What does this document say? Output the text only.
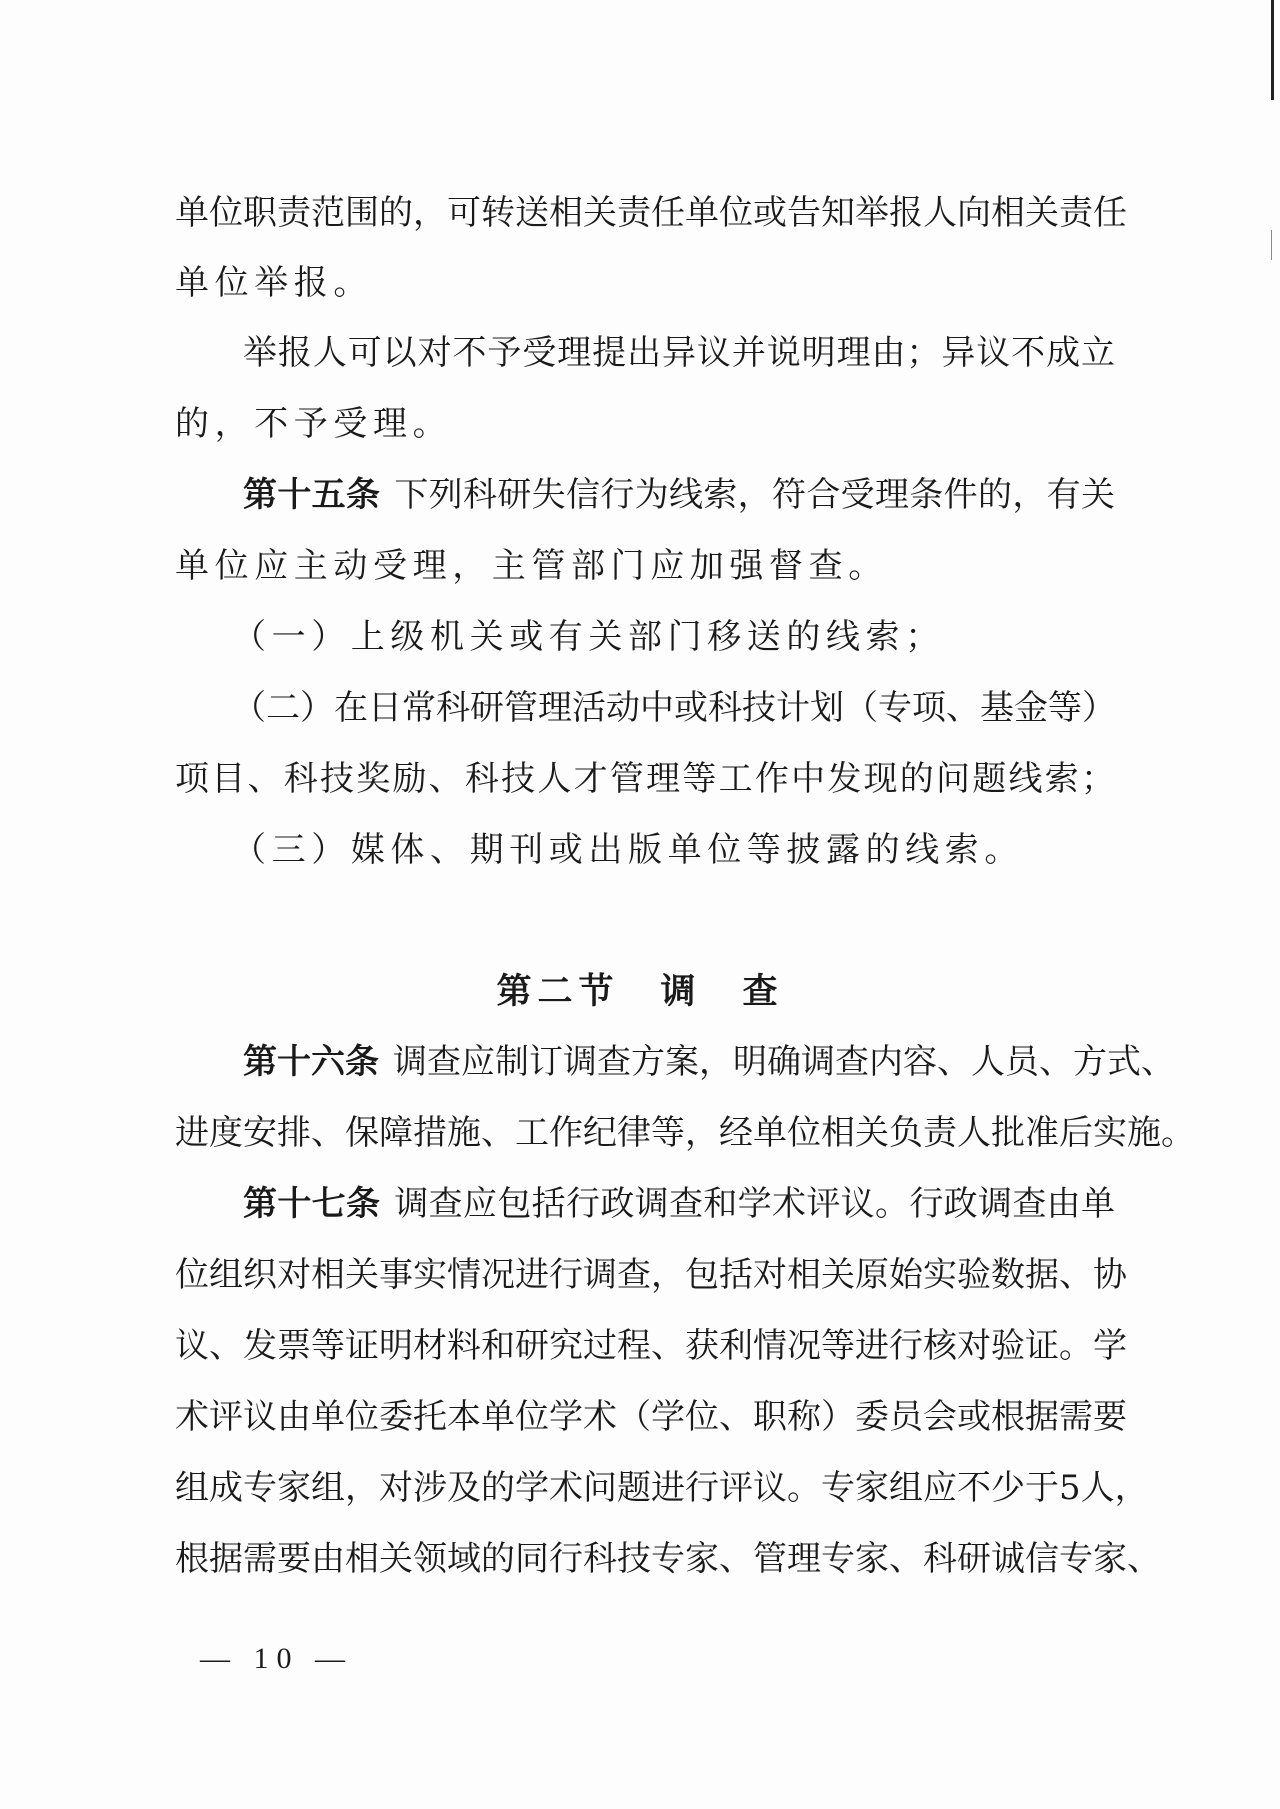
单位职责范围的，可转送相关责任单位或告知举报人向相关责任

单位举报。

举报人可以对不予受理提出异议并说明理由；异议不成立

的，不予受理。

第十五条 下列科研失信行为线索，符合受理条件的，有关

单位应主动受理，主管部门应加强督查。

（一）上级机关或有关部门移送的线索；

（二）在日常科研管理活动中或科技计划（专项、基金等）

项目、科技奖励、科技人才管理等工作中发现的问题线索；

（三）媒体、期刊或出版单位等披露的线索。

第二节　调　查

第十六条 调查应制订调查方案，明确调查内容、人员、方式、

进度安排、保障措施、工作纪律等，经单位相关负责人批准后实施。

第十七条 调查应包括行政调查和学术评议。行政调查由单

位组织对相关事实情况进行调查，包括对相关原始实验数据、协

议、发票等证明材料和研究过程、获利情况等进行核对验证。学

术评议由单位委托本单位学术（学位、职称）委员会或根据需要

组成专家组，对涉及的学术问题进行评议。专家组应不少于5人，

根据需要由相关领域的同行科技专家、管理专家、科研诚信专家、

— 10 —
